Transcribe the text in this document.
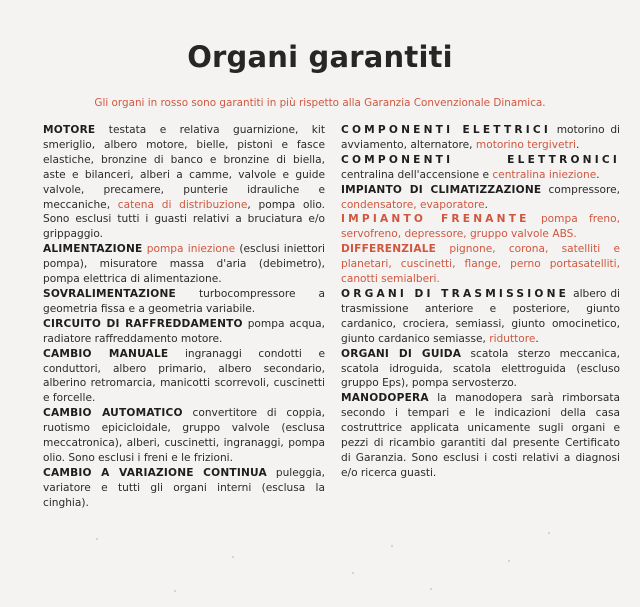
Organi garantiti
Gli organi in rosso sono garantiti in più rispetto alla Garanzia Convenzionale Dinamica.

MOTORE testata e relativa guarnizione, kit smeriglio, albero motore, bielle, pistoni e fasce elastiche, bronzine di banco e bronzine di biella, aste e bilanceri, alberi a camme, valvole e guide valvole, precamere, punterie idrauliche e meccaniche, catena di distribuzione, pompa olio. Sono esclusi tutti i guasti relativi a bruciatura e/o grippaggio.

ALIMENTAZIONE pompa iniezione (esclusi iniettori pompa), misuratore massa d'aria (debimetro), pompa elettrica di alimentazione.

SOVRALIMENTAZIONE turbocompressore a geometria fissa e a geometria variabile.

CIRCUITO DI RAFFREDDAMENTO pompa acqua, radiatore raffreddamento motore.

CAMBIO MANUALE ingranaggi condotti e conduttori, albero primario, albero secondario, alberino retromarcia, manicotti scorrevoli, cuscinetti e forcelle.

CAMBIO AUTOMATICO convertitore di coppia, ruotismo epicicloidale, gruppo valvole (esclusa meccatronica), alberi, cuscinetti, ingranaggi, pompa olio. Sono esclusi i freni e le frizioni.

CAMBIO A VARIAZIONE CONTINUA puleggia, variatore e tutti gli organi interni (esclusa la cinghia).

COMPONENTI ELETTRICI motorino di avviamento, alternatore, motorino tergivetri.

COMPONENTI ELETTRONICI centralina dell'accensione e centralina iniezione.

IMPIANTO DI CLIMATIZZAZIONE compressore, condensatore, evaporatore.

IMPIANTO FRENANTE pompa freno, servofreno, depressore, gruppo valvole ABS.

DIFFERENZIALE pignone, corona, satelliti e planetari, cuscinetti, flange, perno portasatelliti, canotti semialberi.

ORGANI DI TRASMISSIONE albero di trasmissione anteriore e posteriore, giunto cardanico, crociera, semiassi, giunto omocinetico, giunto cardanico semiasse, riduttore.

ORGANI DI GUIDA scatola sterzo meccanica, scatola idroguida, scatola elettroguida (escluso gruppo Eps), pompa servosterzo.

MANODOPERA la manodopera sarà rimborsata secondo i tempari e le indicazioni della casa costruttrice applicata unicamente sugli organi e pezzi di ricambio garantiti dal presente Certificato di Garanzia. Sono esclusi i costi relativi a diagnosi e/o ricerca guasti.
